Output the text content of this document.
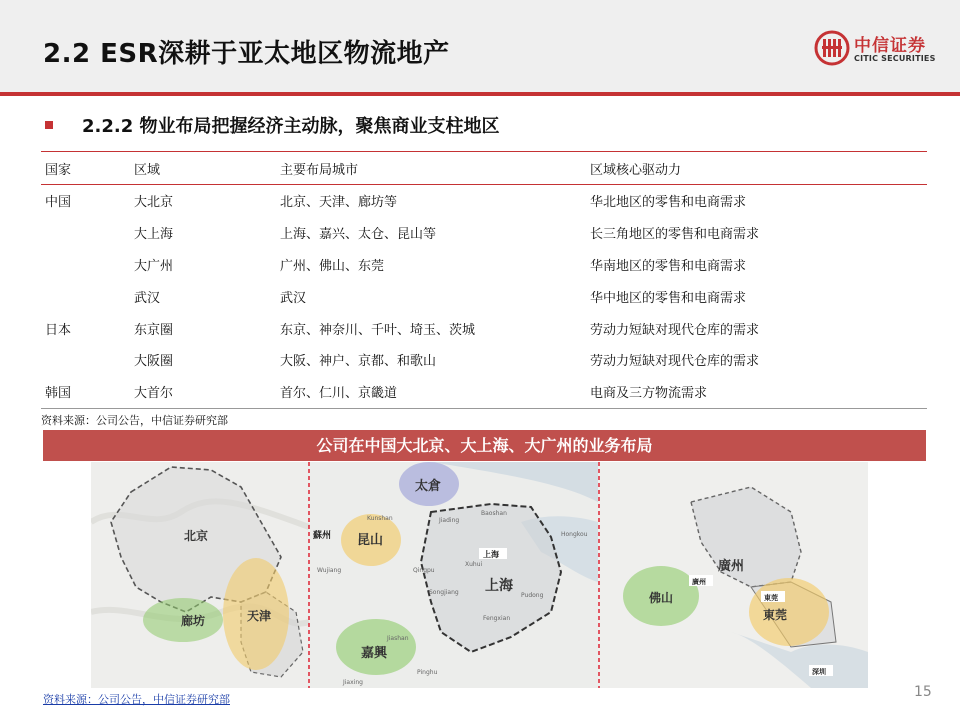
2.2 ESR深耕于亚太地区物流地产	中信证券
CITIC SECURITIES
2.2.2 物业布局把握经济主动脉，聚焦商业支柱地区
国家	区域	主要布局城市	区域核心驱动力
中国	大北京	北京、天津、廊坊等	华北地区的零售和电商需求
	大上海	上海、嘉兴、太仓、昆山等	长三角地区的零售和电商需求
	大广州	广州、佛山、东莞	华南地区的零售和电商需求
	武汉	武汉	华中地区的零售和电商需求
日本	东京圈	东京、神奈川、千叶、埼玉、茨城	劳动力短缺对现代仓库的需求
	大阪圈	大阪、神户、京都、和歌山	劳动力短缺对现代仓库的需求
韩国	大首尔	首尔、仁川、京畿道	电商及三方物流需求
资料来源：公司公告，中信证券研究部
公司在中国大北京、大上海、大广州的业务布局
北京
天津
廊坊
太倉
昆山
上海
嘉興
蘇州
上海
Kunshan	Jiading
Baoshan
Qingpu
Songjiang
Jiashan
Fengxian
Wujiang
Xuhui
Pudong
Pinghu
Jiaxing
Hongkou
廣州
佛山
東莞
廣州
東莞
深圳
资料来源：公司公告，中信证券研究部	15
